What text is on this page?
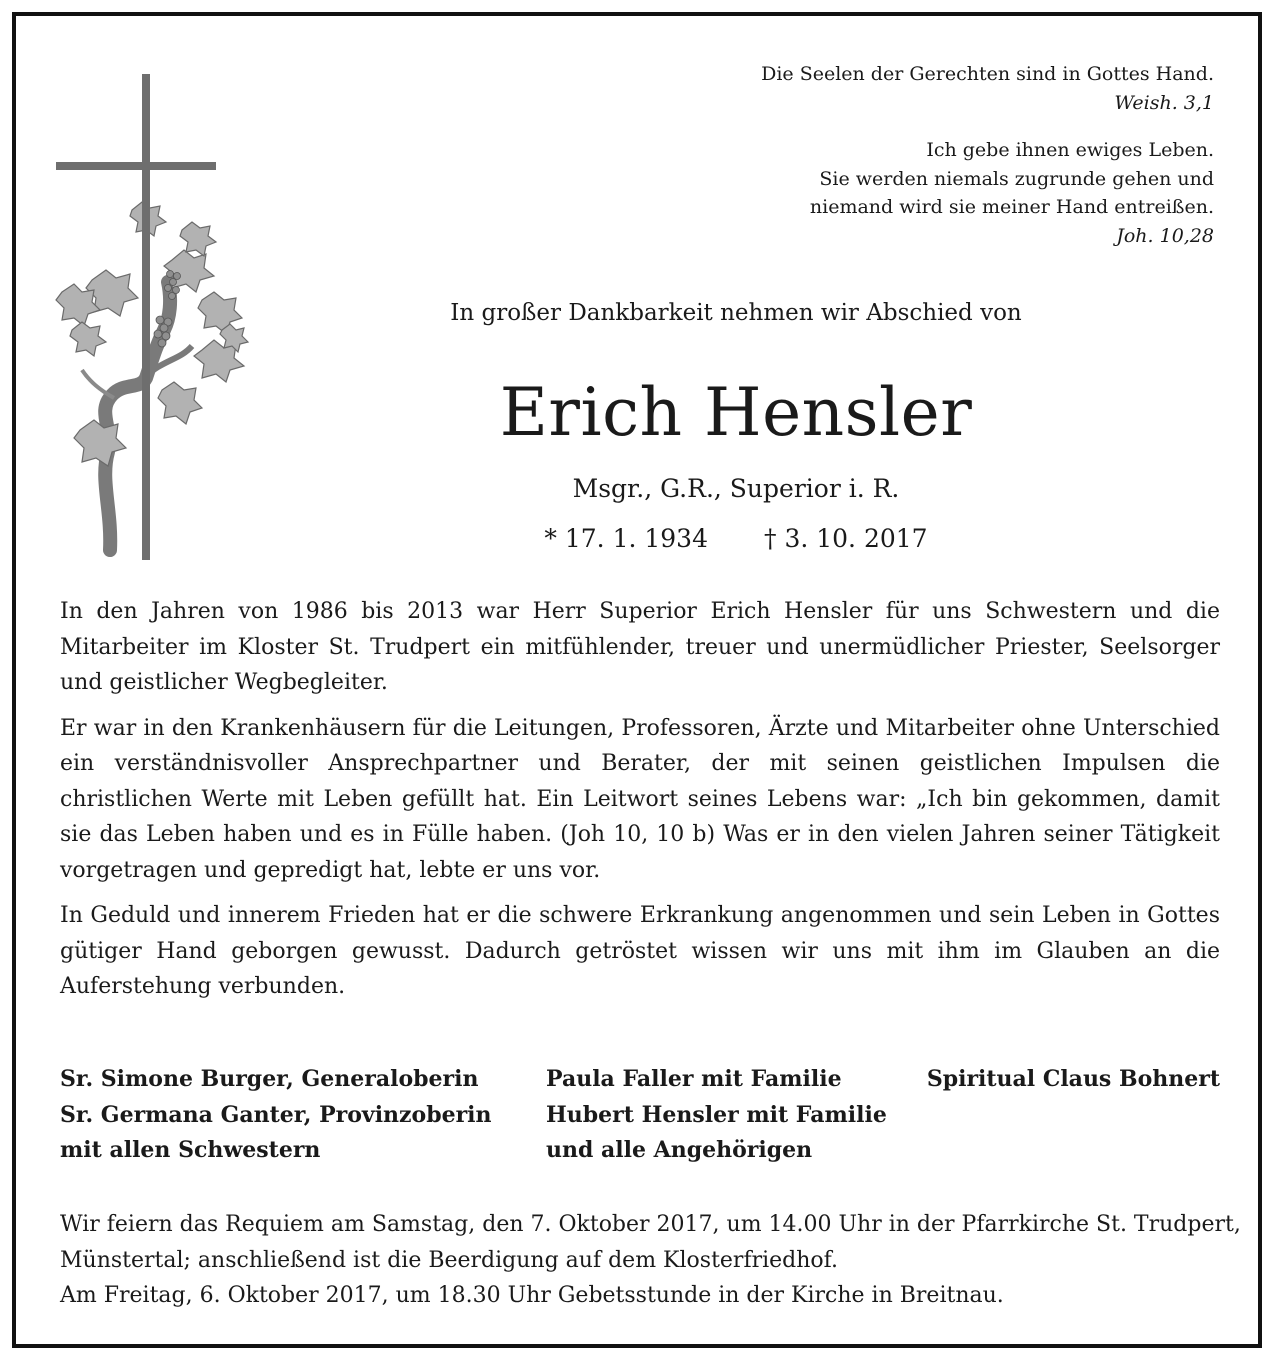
Die Seelen der Gerechten sind in Gottes Hand.
Weish. 3,1
Ich gebe ihnen ewiges Leben.
Sie werden niemals zugrunde gehen und
niemand wird sie meiner Hand entreißen.
Joh. 10,28
In großer Dankbarkeit nehmen wir Abschied von
Erich Hensler
Msgr., G.R., Superior i. R.
* 17. 1. 1934 † 3. 10. 2017

In den Jahren von 1986 bis 2013 war Herr Superior Erich Hensler für uns Schwestern und die Mitarbeiter im Kloster St. Trudpert ein mitfühlender, treuer und unermüdlicher Priester, Seelsorger und geistlicher Wegbegleiter.

Er war in den Krankenhäusern für die Leitungen, Professoren, Ärzte und Mitarbeiter ohne Unterschied ein verständnisvoller Ansprechpartner und Berater, der mit seinen geistlichen Impulsen die christlichen Werte mit Leben gefüllt hat. Ein Leitwort seines Lebens war: „Ich bin gekommen, damit sie das Leben haben und es in Fülle haben. (Joh 10, 10 b) Was er in den vielen Jahren seiner Tätigkeit vorgetragen und gepredigt hat, lebte er uns vor.

In Geduld und innerem Frieden hat er die schwere Erkrankung angenommen und sein Leben in Gottes gütiger Hand geborgen gewusst. Dadurch getröstet wissen wir uns mit ihm im Glauben an die Auferstehung verbunden.

Sr. Simone Burger, Generaloberin
Sr. Germana Ganter, Provinzoberin
mit allen Schwestern
Paula Faller mit Familie
Hubert Hensler mit Familie
und alle Angehörigen
Spiritual Claus Bohnert
Wir feiern das Requiem am Samstag, den 7. Oktober 2017, um 14.00 Uhr in der Pfarrkirche St. Trudpert,
Münstertal; anschließend ist die Beerdigung auf dem Klosterfriedhof.
Am Freitag, 6. Oktober 2017, um 18.30 Uhr Gebetsstunde in der Kirche in Breitnau.
